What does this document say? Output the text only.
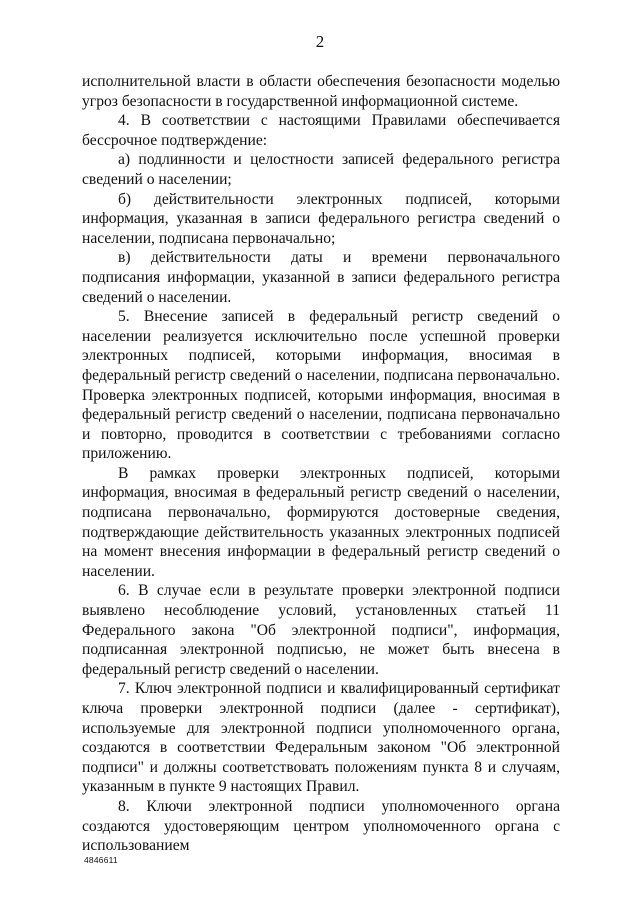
2

исполнительной власти в области обеспечения безопасности моделью угроз безопасности в государственной информационной системе.

4. В соответствии с настоящими Правилами обеспечивается бессрочное подтверждение:

а) подлинности и целостности записей федерального регистра сведений о населении;

б) действительности электронных подписей, которыми информация, указанная в записи федерального регистра сведений о населении, подписана первоначально;

в) действительности даты и времени первоначального подписания информации, указанной в записи федерального регистра сведений о населении.

5. Внесение записей в федеральный регистр сведений о населении реализуется исключительно после успешной проверки электронных подписей, которыми информация, вносимая в федеральный регистр сведений о населении, подписана первоначально. Проверка электронных подписей, которыми информация, вносимая в федеральный регистр сведений о населении, подписана первоначально и повторно, проводится в соответствии с требованиями согласно приложению.

В рамках проверки электронных подписей, которыми информация, вносимая в федеральный регистр сведений о населении, подписана первоначально, формируются достоверные сведения, подтверждающие действительность указанных электронных подписей на момент внесения информации в федеральный регистр сведений о населении.

6. В случае если в результате проверки электронной подписи выявлено несоблюдение условий, установленных статьей 11 Федерального закона "Об электронной подписи", информация, подписанная электронной подписью, не может быть внесена в федеральный регистр сведений о населении.

7. Ключ электронной подписи и квалифицированный сертификат ключа проверки электронной подписи (далее - сертификат), используемые для электронной подписи уполномоченного органа, создаются в соответствии Федеральным законом "Об электронной подписи" и должны соответствовать положениям пункта 8 и случаям, указанным в пункте 9 настоящих Правил.

8. Ключи электронной подписи уполномоченного органа создаются удостоверяющим центром уполномоченного органа с использованием

4846611
